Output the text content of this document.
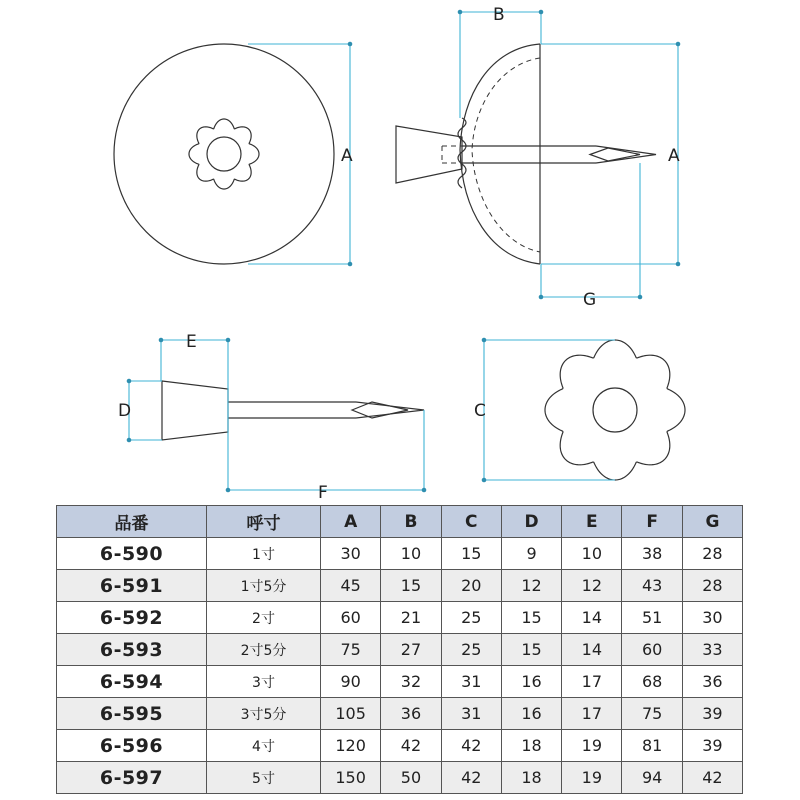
A
B
A
G
E
D
F
C
品番	呼寸	A	B	C	D	E	F	G
6-590	1寸	30	10	15	9	10	38	28
6-591	1寸5分	45	15	20	12	12	43	28
6-592	2寸	60	21	25	15	14	51	30
6-593	2寸5分	75	27	25	15	14	60	33
6-594	3寸	90	32	31	16	17	68	36
6-595	3寸5分	105	36	31	16	17	75	39
6-596	4寸	120	42	42	18	19	81	39
6-597	5寸	150	50	42	18	19	94	42
